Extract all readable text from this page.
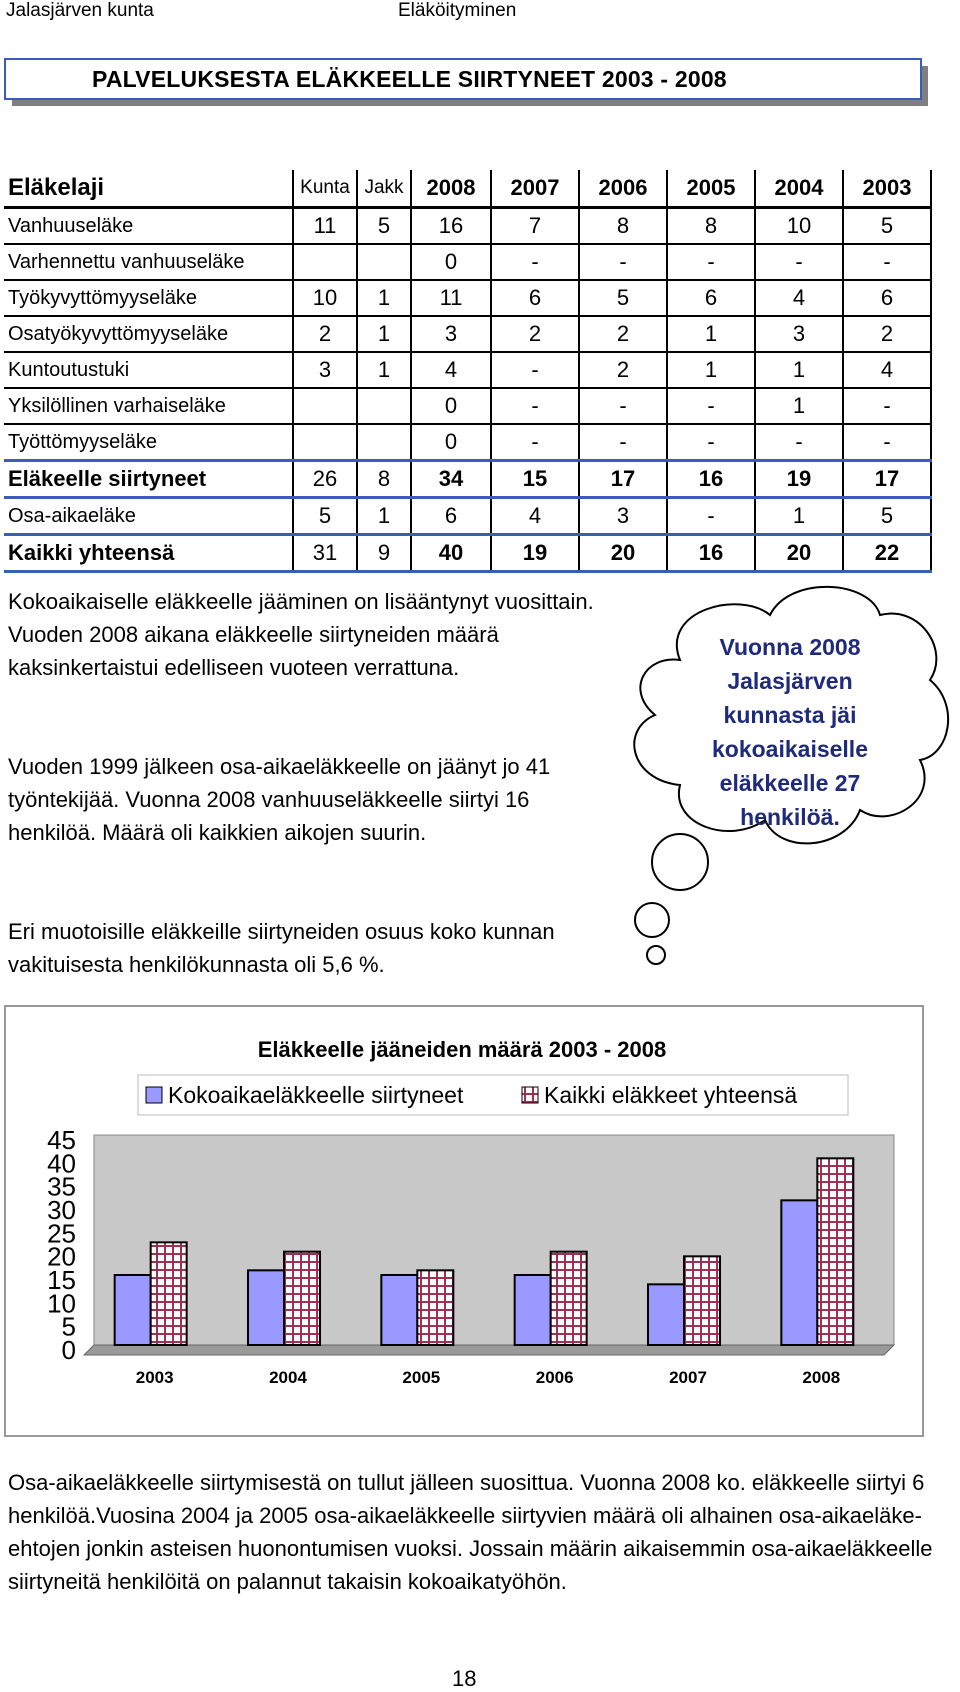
Jalasjärven kunta	Eläköityminen
PALVELUKSESTA ELÄKKEELLE SIIRTYNEET 2003 - 2008
Eläkelaji	Kunta	Jakk	2008	2007	2006	2005	2004	2003
Vanhuuseläke	11	5	16	7	8	8	10	5
Varhennettu vanhuuseläke			0	-	-	-	-	-
Työkyvyttömyyseläke	10	1	11	6	5	6	4	6
Osatyökyvyttömyyseläke	2	1	3	2	2	1	3	2
Kuntoutustuki	3	1	4	-	2	1	1	4
Yksilöllinen varhaiseläke			0	-	-	-	1	-
Työttömyyseläke			0	-	-	-	-	-
Eläkeelle siirtyneet	26	8	34	15	17	16	19	17
Osa-aikaeläke	5	1	6	4	3	-	1	5
Kaikki yhteensä	31	9	40	19	20	16	20	22
Kokoaikaiselle eläkkeelle jääminen on lisääntynyt vuosittain. Vuoden 2008 aikana eläkkeelle siirtyneiden määrä kaksinkertaistui edelliseen vuoteen verrattuna.
Vuoden 1999 jälkeen osa-aikaeläkkeelle on jäänyt jo 41 työntekijää. Vuonna 2008 vanhuuseläkkeelle siirtyi 16 henkilöä. Määrä oli kaikkien aikojen suurin.
Eri muotoisille eläkkeille siirtyneiden osuus koko kunnan vakituisesta henkilökunnasta oli 5,6 %.
Vuonna 2008 Jalasjärven kunnasta jäi kokoaikaiselle eläkkeelle 27 henkilöä.
Eläkkeelle jääneiden määrä 2003 - 2008
Kokoaikaeläkkeelle siirtyneet	Kaikki eläkkeet yhteensä
0
5
10
15
20
25
30
35
40
45
2003	2004	2005	2006	2007	2008
Osa-aikaeläkkeelle siirtymisestä on tullut jälleen suosittua. Vuonna 2008 ko. eläkkeelle siirtyi 6 henkilöä.Vuosina 2004 ja 2005 osa-aikaeläkkeelle siirtyvien määrä oli alhainen osa-aikaeläke-ehtojen jonkin asteisen huonontumisen vuoksi. Jossain määrin aikaisemmin osa-aikaeläkkeelle siirtyneitä henkilöitä on palannut takaisin kokoaikatyöhön.
18
